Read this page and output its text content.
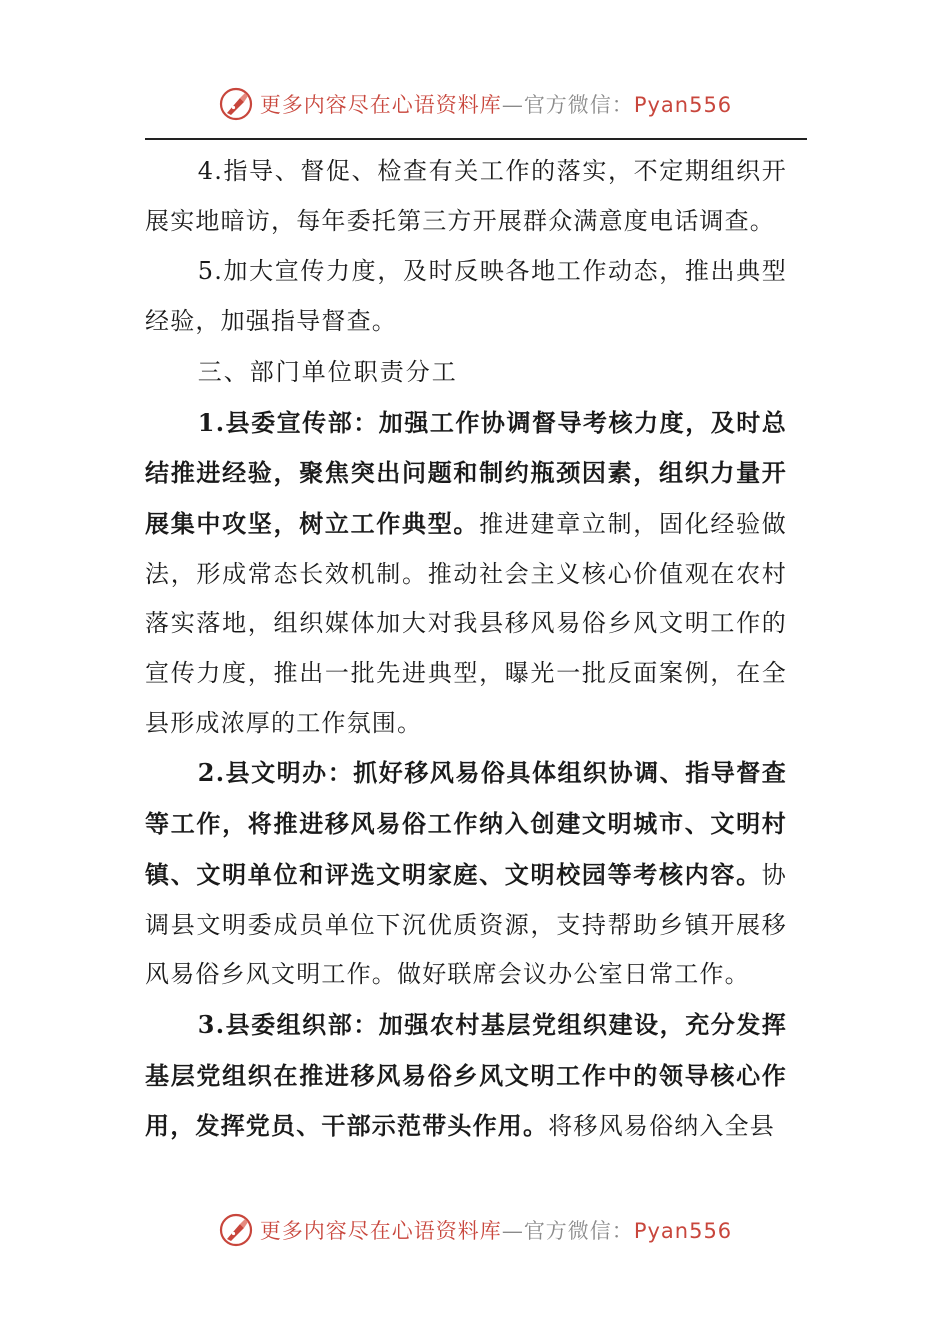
更多内容尽在心语资料库—官方微信：Pyan556

4.指导、督促、检查有关工作的落实，不定期组织开展实地暗访，每年委托第三方开展群众满意度电话调查。

5.加大宣传力度，及时反映各地工作动态，推出典型经验，加强指导督查。

三、部门单位职责分工

1.县委宣传部：加强工作协调督导考核力度，及时总结推进经验，聚焦突出问题和制约瓶颈因素，组织力量开展集中攻坚，树立工作典型。推进建章立制，固化经验做法，形成常态长效机制。推动社会主义核心价值观在农村落实落地，组织媒体加大对我县移风易俗乡风文明工作的宣传力度，推出一批先进典型，曝光一批反面案例，在全县形成浓厚的工作氛围。

2.县文明办：抓好移风易俗具体组织协调、指导督查等工作，将推进移风易俗工作纳入创建文明城市、文明村镇、文明单位和评选文明家庭、文明校园等考核内容。协调县文明委成员单位下沉优质资源，支持帮助乡镇开展移风易俗乡风文明工作。做好联席会议办公室日常工作。

3.县委组织部：加强农村基层党组织建设，充分发挥基层党组织在推进移风易俗乡风文明工作中的领导核心作用，发挥党员、干部示范带头作用。将移风易俗纳入全县

更多内容尽在心语资料库—官方微信：Pyan556
